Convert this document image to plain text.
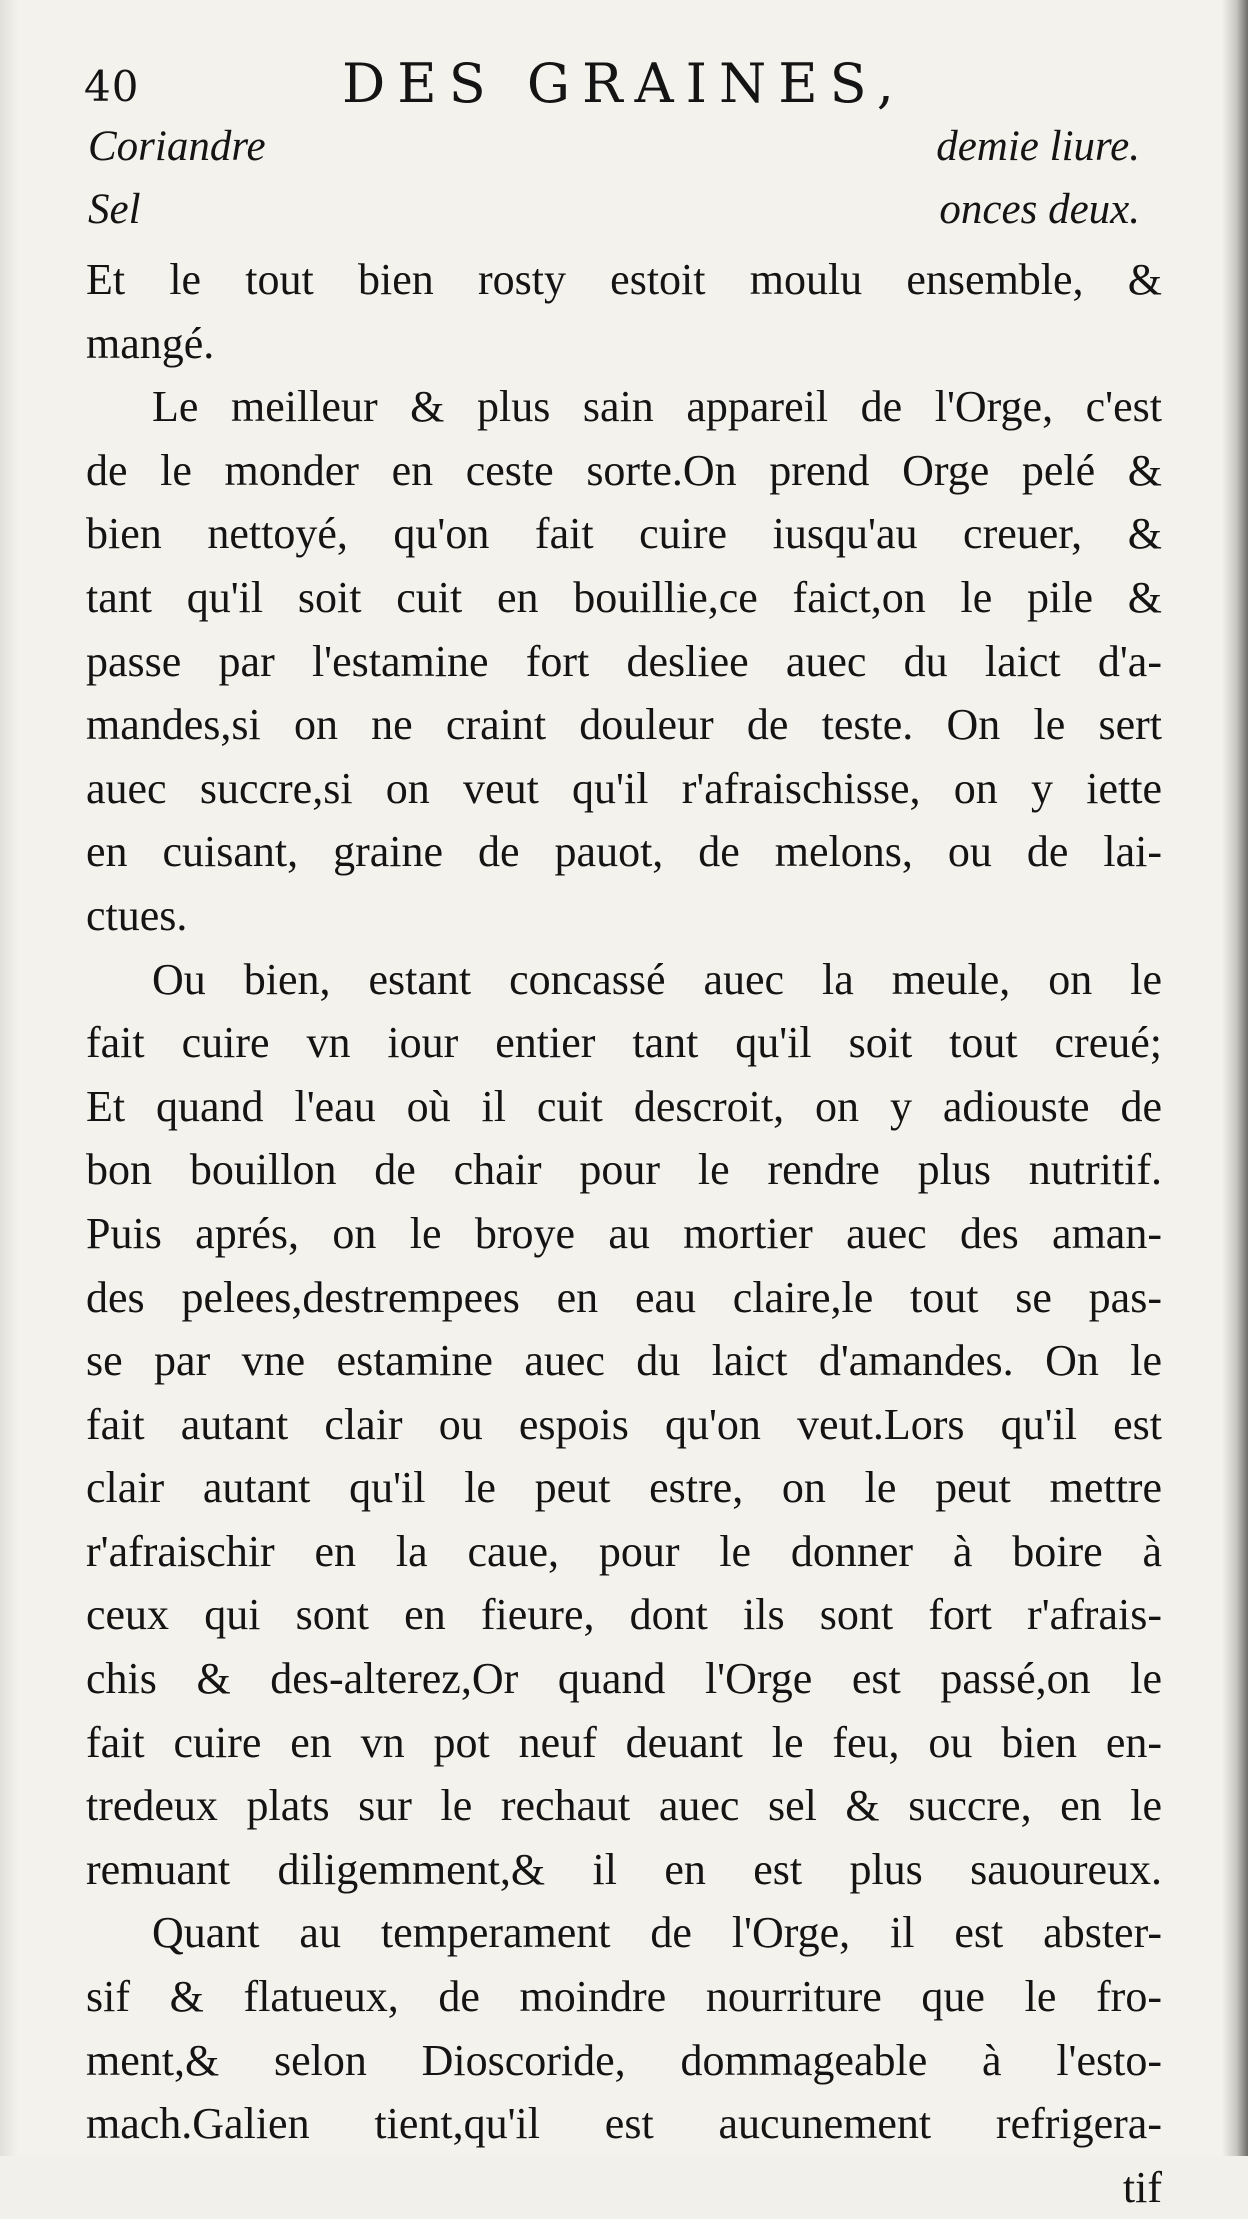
40	DES GRAINES,
Coriandre	demie liure.
Sel	onces deux.
Et le tout bien rosty estoit moulu ensemble, &
mangé.
Le meilleur & plus sain appareil de l'Orge, c'est
de le monder en ceste sorte.On prend Orge pelé &
bien nettoyé, qu'on fait cuire iusqu'au creuer, &
tant qu'il soit cuit en bouillie,ce faict,on le pile &
passe par l'estamine fort desliee auec du laict d'a-
mandes,si on ne craint douleur de teste. On le sert
auec succre,si on veut qu'il r'afraischisse, on y iette
en cuisant, graine de pauot, de melons, ou de lai-
ctues.
Ou bien, estant concassé auec la meule, on le
fait cuire vn iour entier tant qu'il soit tout creué;
Et quand l'eau où il cuit descroit, on y adiouste de
bon bouillon de chair pour le rendre plus nutritif.
Puis aprés, on le broye au mortier auec des aman-
des pelees,destrempees en eau claire,le tout se pas-
se par vne estamine auec du laict d'amandes. On le
fait autant clair ou espois qu'on veut.Lors qu'il est
clair autant qu'il le peut estre, on le peut mettre
r'afraischir en la caue, pour le donner à boire à
ceux qui sont en fieure, dont ils sont fort r'afrais-
chis & des-alterez,Or quand l'Orge est passé,on le
fait cuire en vn pot neuf deuant le feu, ou bien en-
tredeux plats sur le rechaut auec sel & succre, en le
remuant diligemment,& il en est plus sauoureux.
Quant au temperament de l'Orge, il est abster-
sif & flatueux, de moindre nourriture que le fro-
ment,& selon Dioscoride, dommageable à l'esto-
mach.Galien tient,qu'il est aucunement refrigera-
tif
